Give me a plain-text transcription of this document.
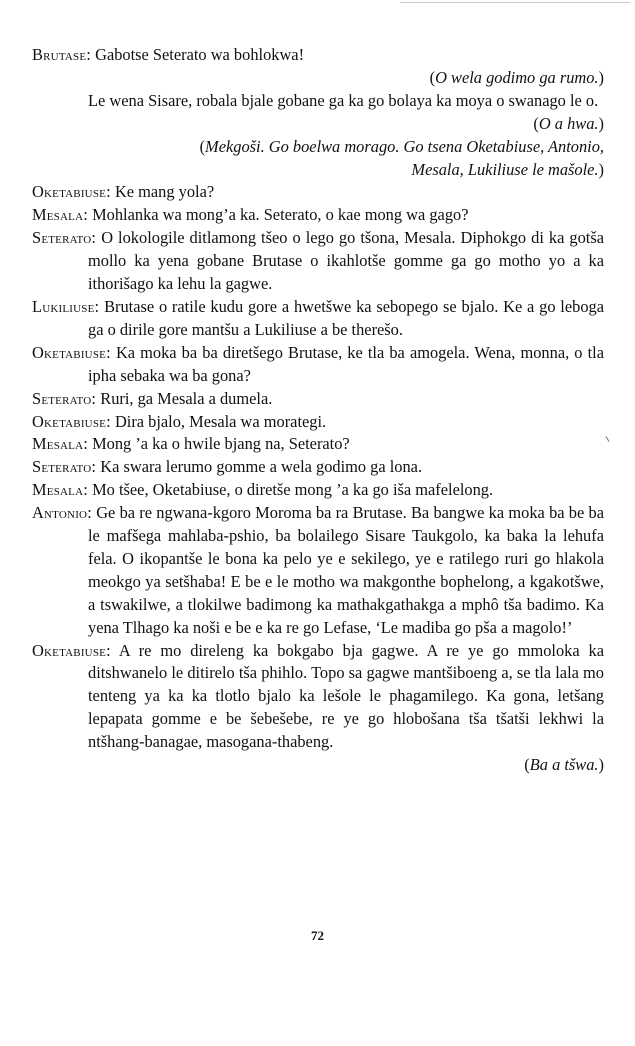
Brutase: Gabotse Seterato wa bohlokwa!

(O wela godimo ga rumo.)

Le wena Sisare, robala bjale gobane ga ka go bolaya ka moya o swanago le o.

(O a hwa.)

(Mekgoši. Go boelwa morago. Go tsena Oketabiuse, Antonio,
Mesala, Lukiliuse le mašole.)

Oketabiuse: Ke mang yola?

Mesala: Mohlanka wa mong’a ka. Seterato, o kae mong wa gago?

Seterato: O lokologile ditlamong tšeo o lego go tšona, Mesala. Diphokgo di ka gotša mollo ka yena gobane Brutase o ikahlotše gomme ga go motho yo a ka ithorišago ka lehu la gagwe.

Lukiliuse: Brutase o ratile kudu gore a hwetšwe ka sebopego se bjalo. Ke a go leboga ga o dirile gore mantšu a Lukiliuse a be therešo.

Oketabiuse: Ka moka ba ba diretšego Brutase, ke tla ba amogela. Wena, monna, o tla ipha sebaka wa ba gona?

Seterato: Ruri, ga Mesala a dumela.

Oketabiuse: Dira bjalo, Mesala wa morategi.

Mesala: Mong ’a ka o hwile bjang na, Seterato?

Seterato: Ka swara lerumo gomme a wela godimo ga lona.

Mesala: Mo tšee, Oketabiuse, o diretše mong ’a ka go iša mafelelong.

Antonio: Ge ba re ngwana-kgoro Moroma ba ra Brutase. Ba bangwe ka moka ba be ba le mafšega mahlaba-pshio, ba bolailego Sisare Taukgolo, ka baka la lehufa fela. O ikopantše le bona ka pelo ye e sekilego, ye e ratilego ruri go hlakola meokgo ya setšhaba! E be e le motho wa makgonthe bophelong, a kgakotšwe, a tswakilwe, a tlokilwe badimong ka mathakgathakga a mphô tša badimo. Ka yena Tlhago ka noši e be e ka re go Lefase, ‘Le madiba go pša a magolo!’

Oketabiuse: A re mo direleng ka bokgabo bja gagwe. A re ye go mmoloka ka ditshwanelo le ditirelo tša phihlo. Topo sa gagwe mantšiboeng a, se tla lala mo tenteng ya ka ka tlotlo bjalo ka lešole le phagamilego. Ka gona, letšang lepapata gomme e be šebešebe, re ye go hlobošana tša tšatši lekhwi la ntšhang-banagae, masogana-thabeng.

(Ba a tšwa.)

72
